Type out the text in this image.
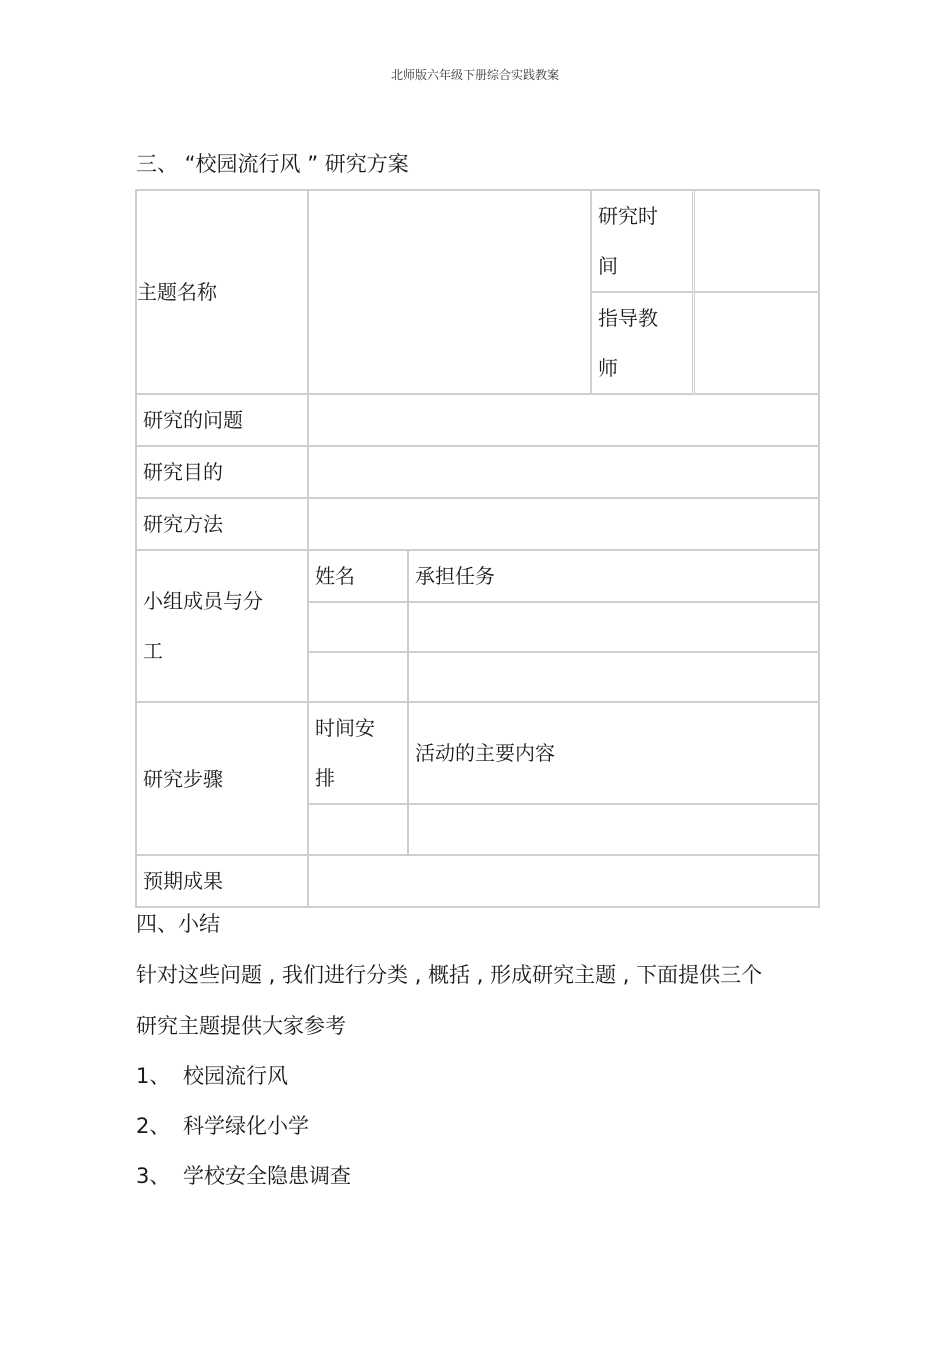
北师版六年级下册综合实践教案
三、 “校园流行风 ” 研究方案
主题名称			研究时
间	
			指导教
师	
研究的问题				
研究目的				
研究方法				
小组成员与分
工	姓名	承担任务		

研究步骤	时间安
排	活动的主要内容		

预期成果				
四、小结
针对这些问题 , 我们进行分类 , 概括 , 形成研究主题 , 下面提供三个
研究主题提供大家参考
1、 校园流行风
2、 科学绿化小学
3、 学校安全隐患调查
